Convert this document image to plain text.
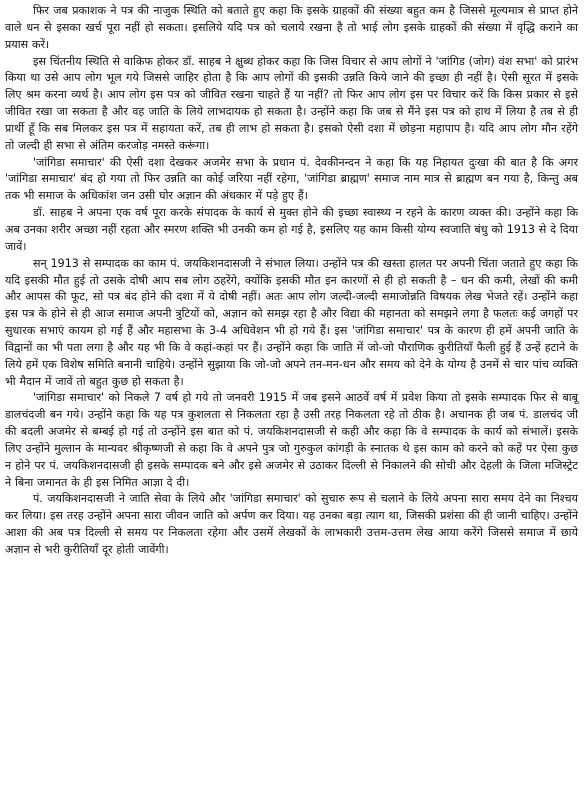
फिर जब प्रकाशक ने पत्र की नाजुक स्थिति को बताते हुए कहा कि इसके ग्राहकों की संख्या बहुत कम है जिससे मूल्यमात्र से प्राप्त होने वाले धन से इसका खर्च पूरा नहीं हो सकता। इसलिये यदि पत्र को चलाये रखना है तो भाई लोग इसके ग्राहकों की संख्या में वृद्धि कराने का प्रयास करें।

इस चिंतनीय स्थिति से वाकिफ होकर डॉ. साहब ने क्षुब्ध होकर कहा कि जिस विचार से आप लोगों ने 'जांगिड (जोग) वंश सभा' को प्रारंभ किया था उसे आप लोग भूल गये जिससे जाहिर होता है कि आप लोगों की इसकी उन्नति किये जाने की इच्छा ही नहीं है। ऐसी सूरत में इसके लिए श्रम करना व्यर्थ है। आप लोग इस पत्र को जीवित रखना चाहते हैं या नहीं? तो फिर आप लोग इस पर विचार करें कि किस प्रकार से इसे जीवित रखा जा सकता है और वह जाति के लिये लाभदायक हो सकता है। उन्होंने कहा कि जब से मैंने इस पत्र को हाथ में लिया है तब से ही प्रार्थी हूँ कि सब मिलकर इस पत्र में सहायता करें, तब ही लाभ हो सकता है। इसको ऐसी दशा में छोड़ना महापाप है। यदि आप लोग मौन रहेंगे तो जल्दी ही सभा से अंतिम करजोड़ नमस्ते करूंगा।

'जांगिडा समाचार' की ऐसी दशा देखकर अजमेर सभा के प्रधान पं. देवकीनन्दन ने कहा कि यह निहायत दुःखा की बात है कि अगर 'जांगिडा समाचार' बंद हो गया तो फिर उन्नति का कोई जरिया नहीं रहेगा, 'जांगिडा ब्राह्मण' समाज नाम मात्र से ब्राह्मण बन गया है, किन्तु अब तक भी समाज के अधिकांश जन उसी घोर अज्ञान की अंधकार में पड़े हुए हैं।

डॉ. साहब ने अपना एक वर्ष पूरा करके संपादक के कार्य से मुक्त होने की इच्छा स्वास्थ्य न रहने के कारण व्यक्त की। उन्होंने कहा कि अब उनका शरीर अच्छा नहीं रहता और स्मरण शक्ति भी उनकी कम हो गई है, इसलिए यह काम किसी योग्य स्वजाति बंधु को 1913 से दे दिया जावें।

सन् 1913 से सम्पादक का काम पं. जयकिशनदासजी ने संभाल लिया। उन्होंने पत्र की खस्ता हालत पर अपनी चिंता जताते हुए कहा कि यदि इसकी मौत हुई तो उसके दोषी आप सब लोग ठहरेंगे, क्योंकि इसकी मौत इन कारणों से ही हो सकती है – धन की कमी, लेखों की कमी और आपस की फूट, सो पत्र बंद होने की दशा में ये दोषी नहीं। अतः आप लोग जल्दी-जल्दी समाजोन्नति विषयक लेख भेजते रहें। उन्होंने कहा इस पत्र के होने से ही आज समाज अपनी त्रुटियों को, अज्ञान को समझ रहा है और विद्या की महानता को समझने लगा है फलतः कई जगहों पर सुधारक सभाएं कायम हो गई हैं और महासभा के 3-4 अधिवेशन भी हो गये हैं। इस 'जांगिडा समाचार' पत्र के कारण ही हमें अपनी जाति के विद्वानों का भी पता लगा है और यह भी कि वे कहां-कहां पर हैं। उन्होंने कहा कि जाति में जो-जो पौराणिक कुरीतियाँ फैली हुई हैं उन्हें हटाने के लिये हमें एक विशेष समिति बनानी चाहिये। उन्होंने सुझाया कि जो-जो अपने तन-मन-धन और समय को देने के योग्य है उनमें से चार पांच व्यक्ति भी मैदान में जावें तो बहुत कुछ हो सकता है।

'जांगिडा समाचार' को निकले 7 वर्ष हो गये तो जनवरी 1915 में जब इसने आठवें वर्ष में प्रवेश किया तो इसके सम्पादक फिर से बाबू डालचंदजी बन गये। उन्होंने कहा कि यह पत्र कुशलता से निकलता रहा है उसी तरह निकलता रहे तो ठीक है। अचानक ही जब पं. डालचंद जी की बदली अजमेर से बम्बई हो गई तो उन्होंने इस बात को पं. जयकिशनदासजी से कही और कहा कि वे सम्पादक के कार्य को संभालें। इसके लिए उन्होंने मुल्तान के मान्यवर श्रीकृष्णजी से कहा कि वे अपने पुत्र जो गुरुकुल कांगड़ी के स्नातक थे इस काम को करने को कहें पर ऐसा कुछ न होने पर पं. जयकिशनदासजी ही इसके सम्पादक बने और इसे अजमेर से उठाकर दिल्ली से निकालने की सोची और देहली के जिला मजिस्ट्रेट ने बिना जमानत के ही इस निमित आज्ञा दे दी।

पं. जयकिशनदासजी ने जाति सेवा के लिये और 'जांगिडा समाचार' को सुचारु रूप से चलाने के लिये अपना सारा समय देने का निश्चय कर लिया। इस तरह उन्होंने अपना सारा जीवन जाति को अर्पण कर दिया। यह उनका बड़ा त्याग था, जिसकी प्रशंसा की ही जानी चाहिए। उन्होंने आशा की अब पत्र दिल्ली से समय पर निकलता रहेगा और उसमें लेखकों के लाभकारी उत्तम-उत्तम लेख आया करेंगे जिससे समाज में छाये अज्ञान से भरी कुरीतियाँ दूर होती जावेंगी।
